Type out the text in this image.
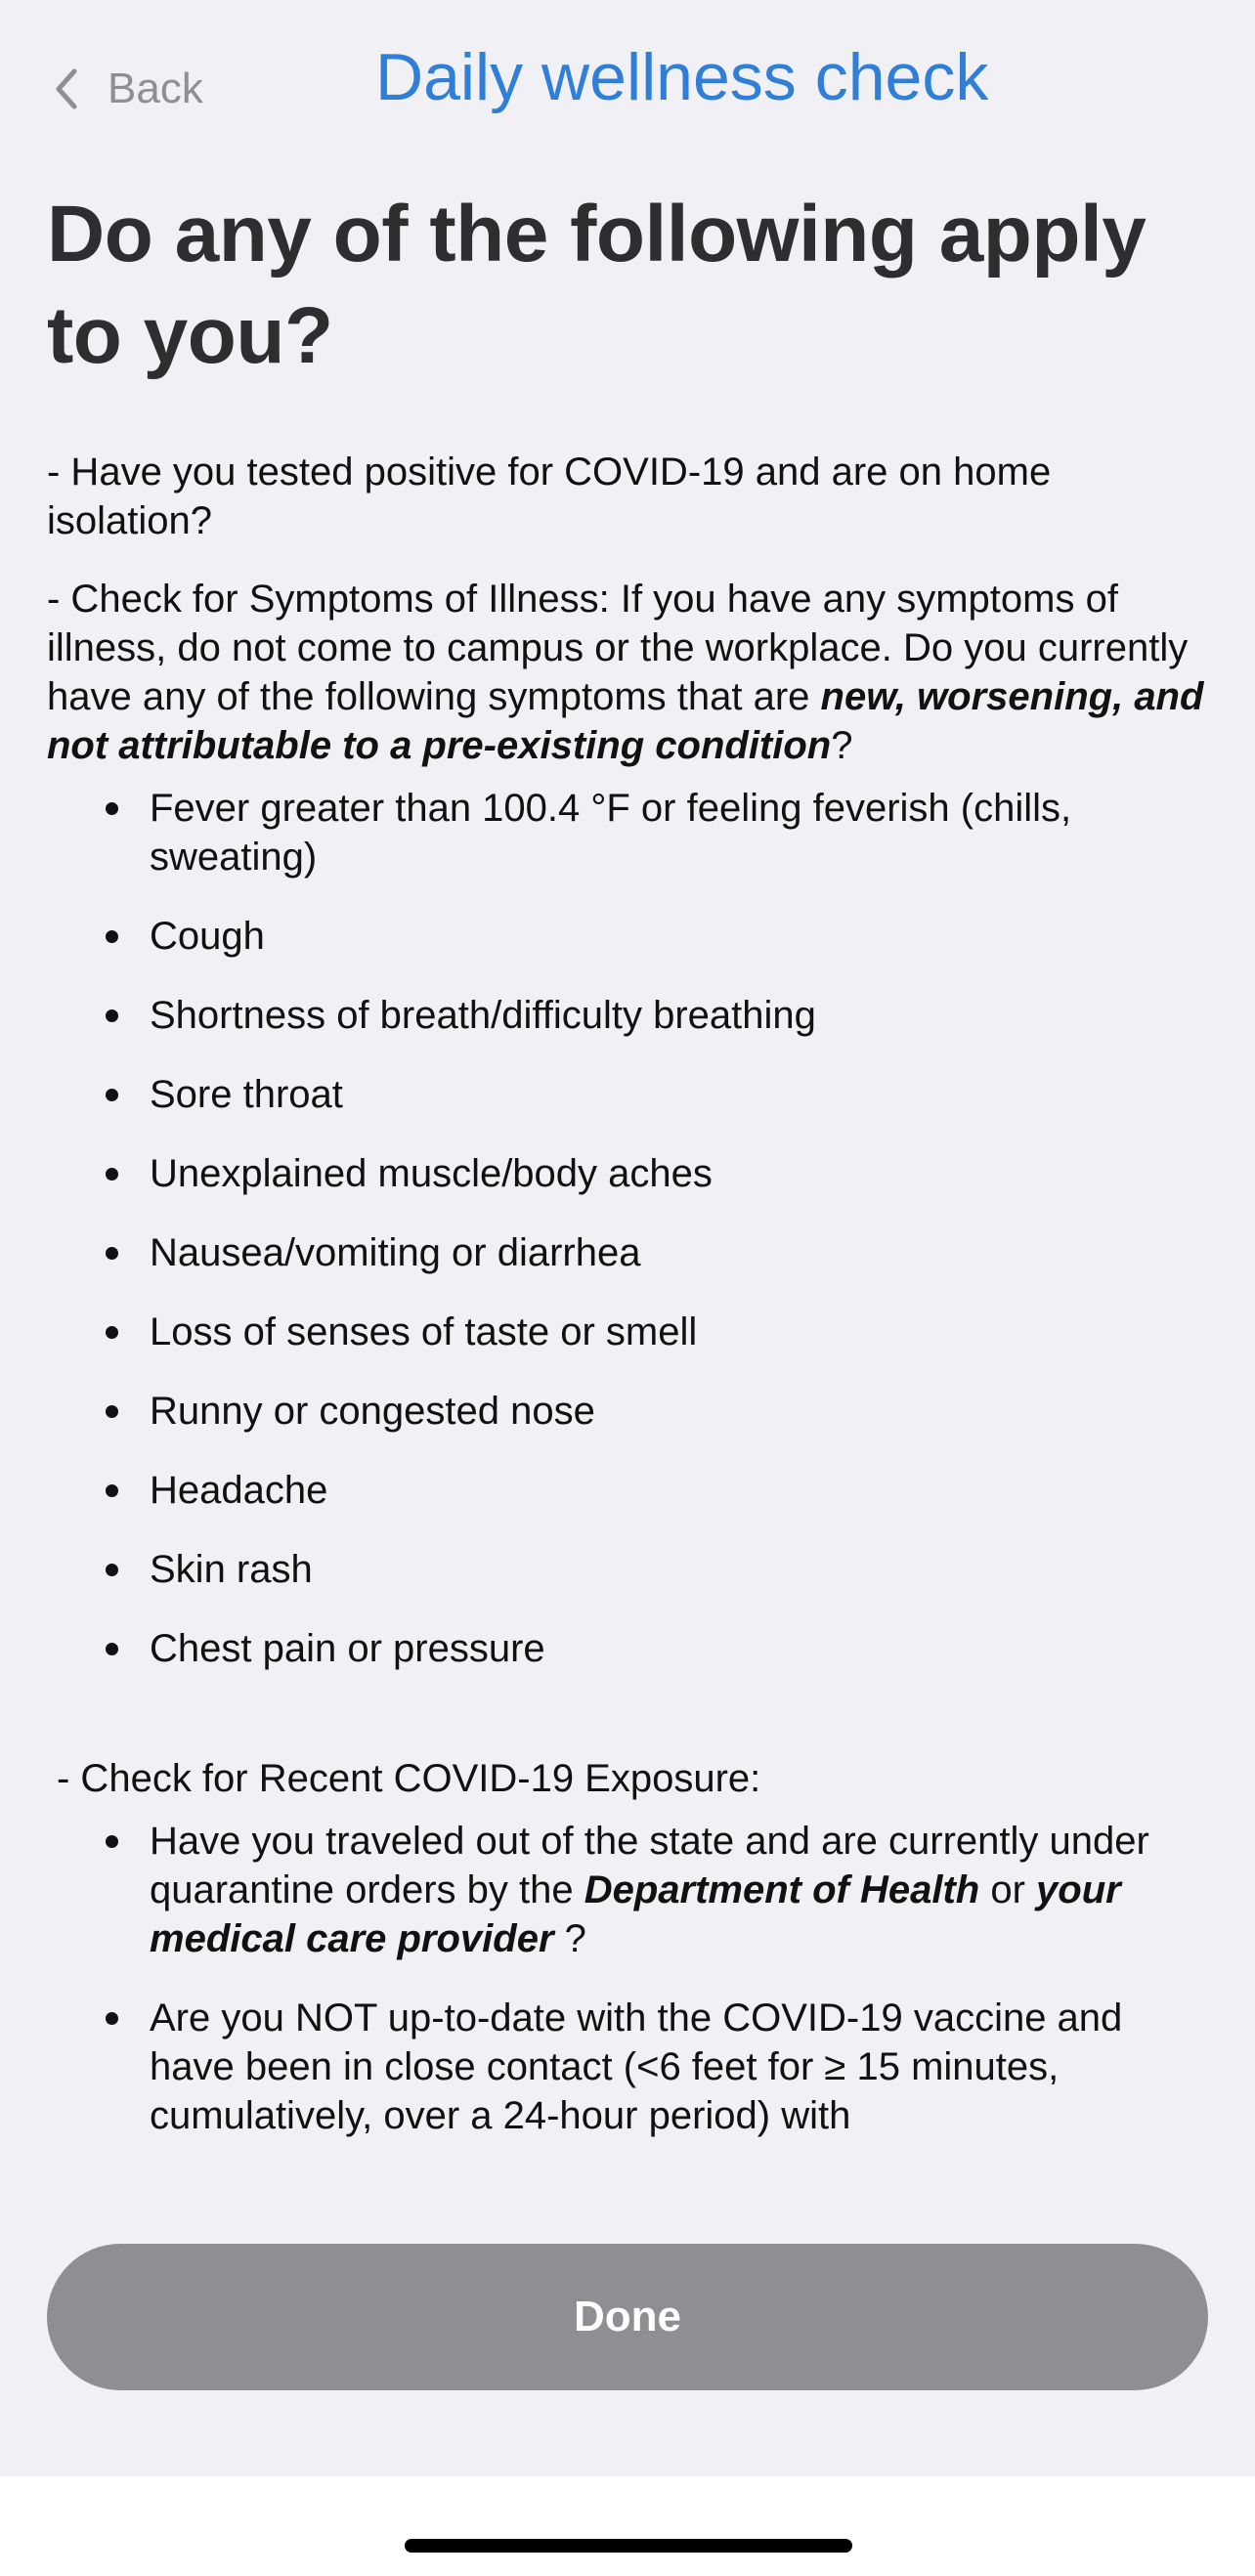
Back	Daily wellness check
Do any of the following apply to you?

- Have you tested positive for COVID-19 and are on home isolation?

- Check for Symptoms of Illness: If you have any symptoms of illness, do not come to campus or the workplace. Do you currently have any of the following symptoms that are new, worsening, and not attributable to a pre-existing condition?

Fever greater than 100.4 °F or feeling feverish (chills, sweating)
Cough
Shortness of breath/difficulty breathing
Sore throat
Unexplained muscle/body aches
Nausea/vomiting or diarrhea
Loss of senses of taste or smell
Runny or congested nose
Headache
Skin rash
Chest pain or pressure

- Check for Recent COVID-19 Exposure:

Have you traveled out of the state and are currently under quarantine orders by the Department of Health or your medical care provider ?
Are you NOT up-to-date with the COVID-19 vaccine and have been in close contact (<6 feet for ≥ 15 minutes, cumulatively, over a 24-hour period) with
Done
